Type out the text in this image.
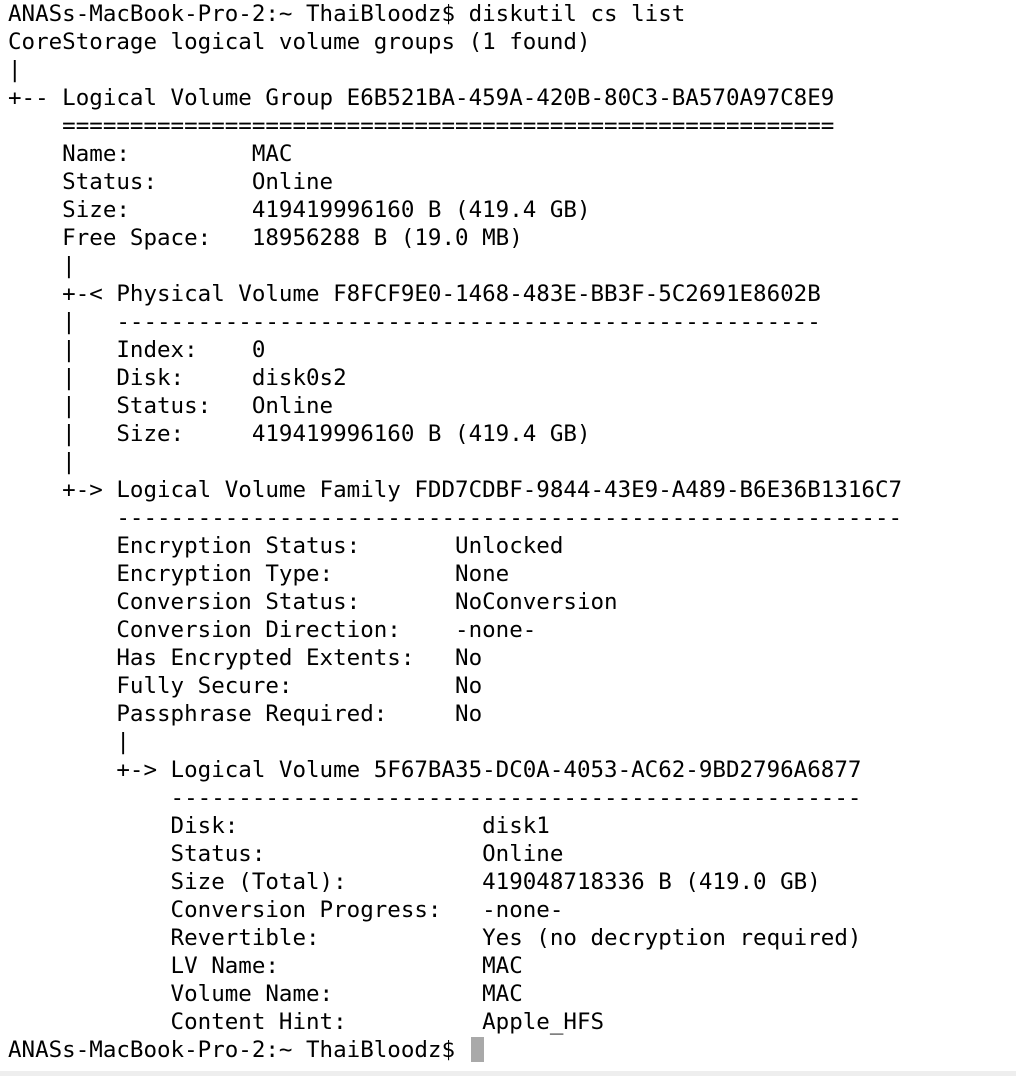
ANASs-MacBook-Pro-2:~ ThaiBloodz$ diskutil cs list
CoreStorage logical volume groups (1 found)
|
+-- Logical Volume Group E6B521BA-459A-420B-80C3-BA570A97C8E9
=========================================================
Name:         MAC
Status:       Online
Size:         419419996160 B (419.4 GB)
Free Space:   18956288 B (19.0 MB)
|
+-< Physical Volume F8FCF9E0-1468-483E-BB3F-5C2691E8602B
|   ----------------------------------------------------
|   Index:    0
|   Disk:     disk0s2
|   Status:   Online
|   Size:     419419996160 B (419.4 GB)
|
+-> Logical Volume Family FDD7CDBF-9844-43E9-A489-B6E36B1316C7
----------------------------------------------------------
Encryption Status:       Unlocked
Encryption Type:         None
Conversion Status:       NoConversion
Conversion Direction:    -none-
Has Encrypted Extents:   No
Fully Secure:            No
Passphrase Required:     No
|
+-> Logical Volume 5F67BA35-DC0A-4053-AC62-9BD2796A6877
---------------------------------------------------
Disk:                  disk1
Status:                Online
Size (Total):          419048718336 B (419.0 GB)
Conversion Progress:   -none-
Revertible:            Yes (no decryption required)
LV Name:               MAC
Volume Name:           MAC
Content Hint:          Apple_HFS
ANASs-MacBook-Pro-2:~ ThaiBloodz$
